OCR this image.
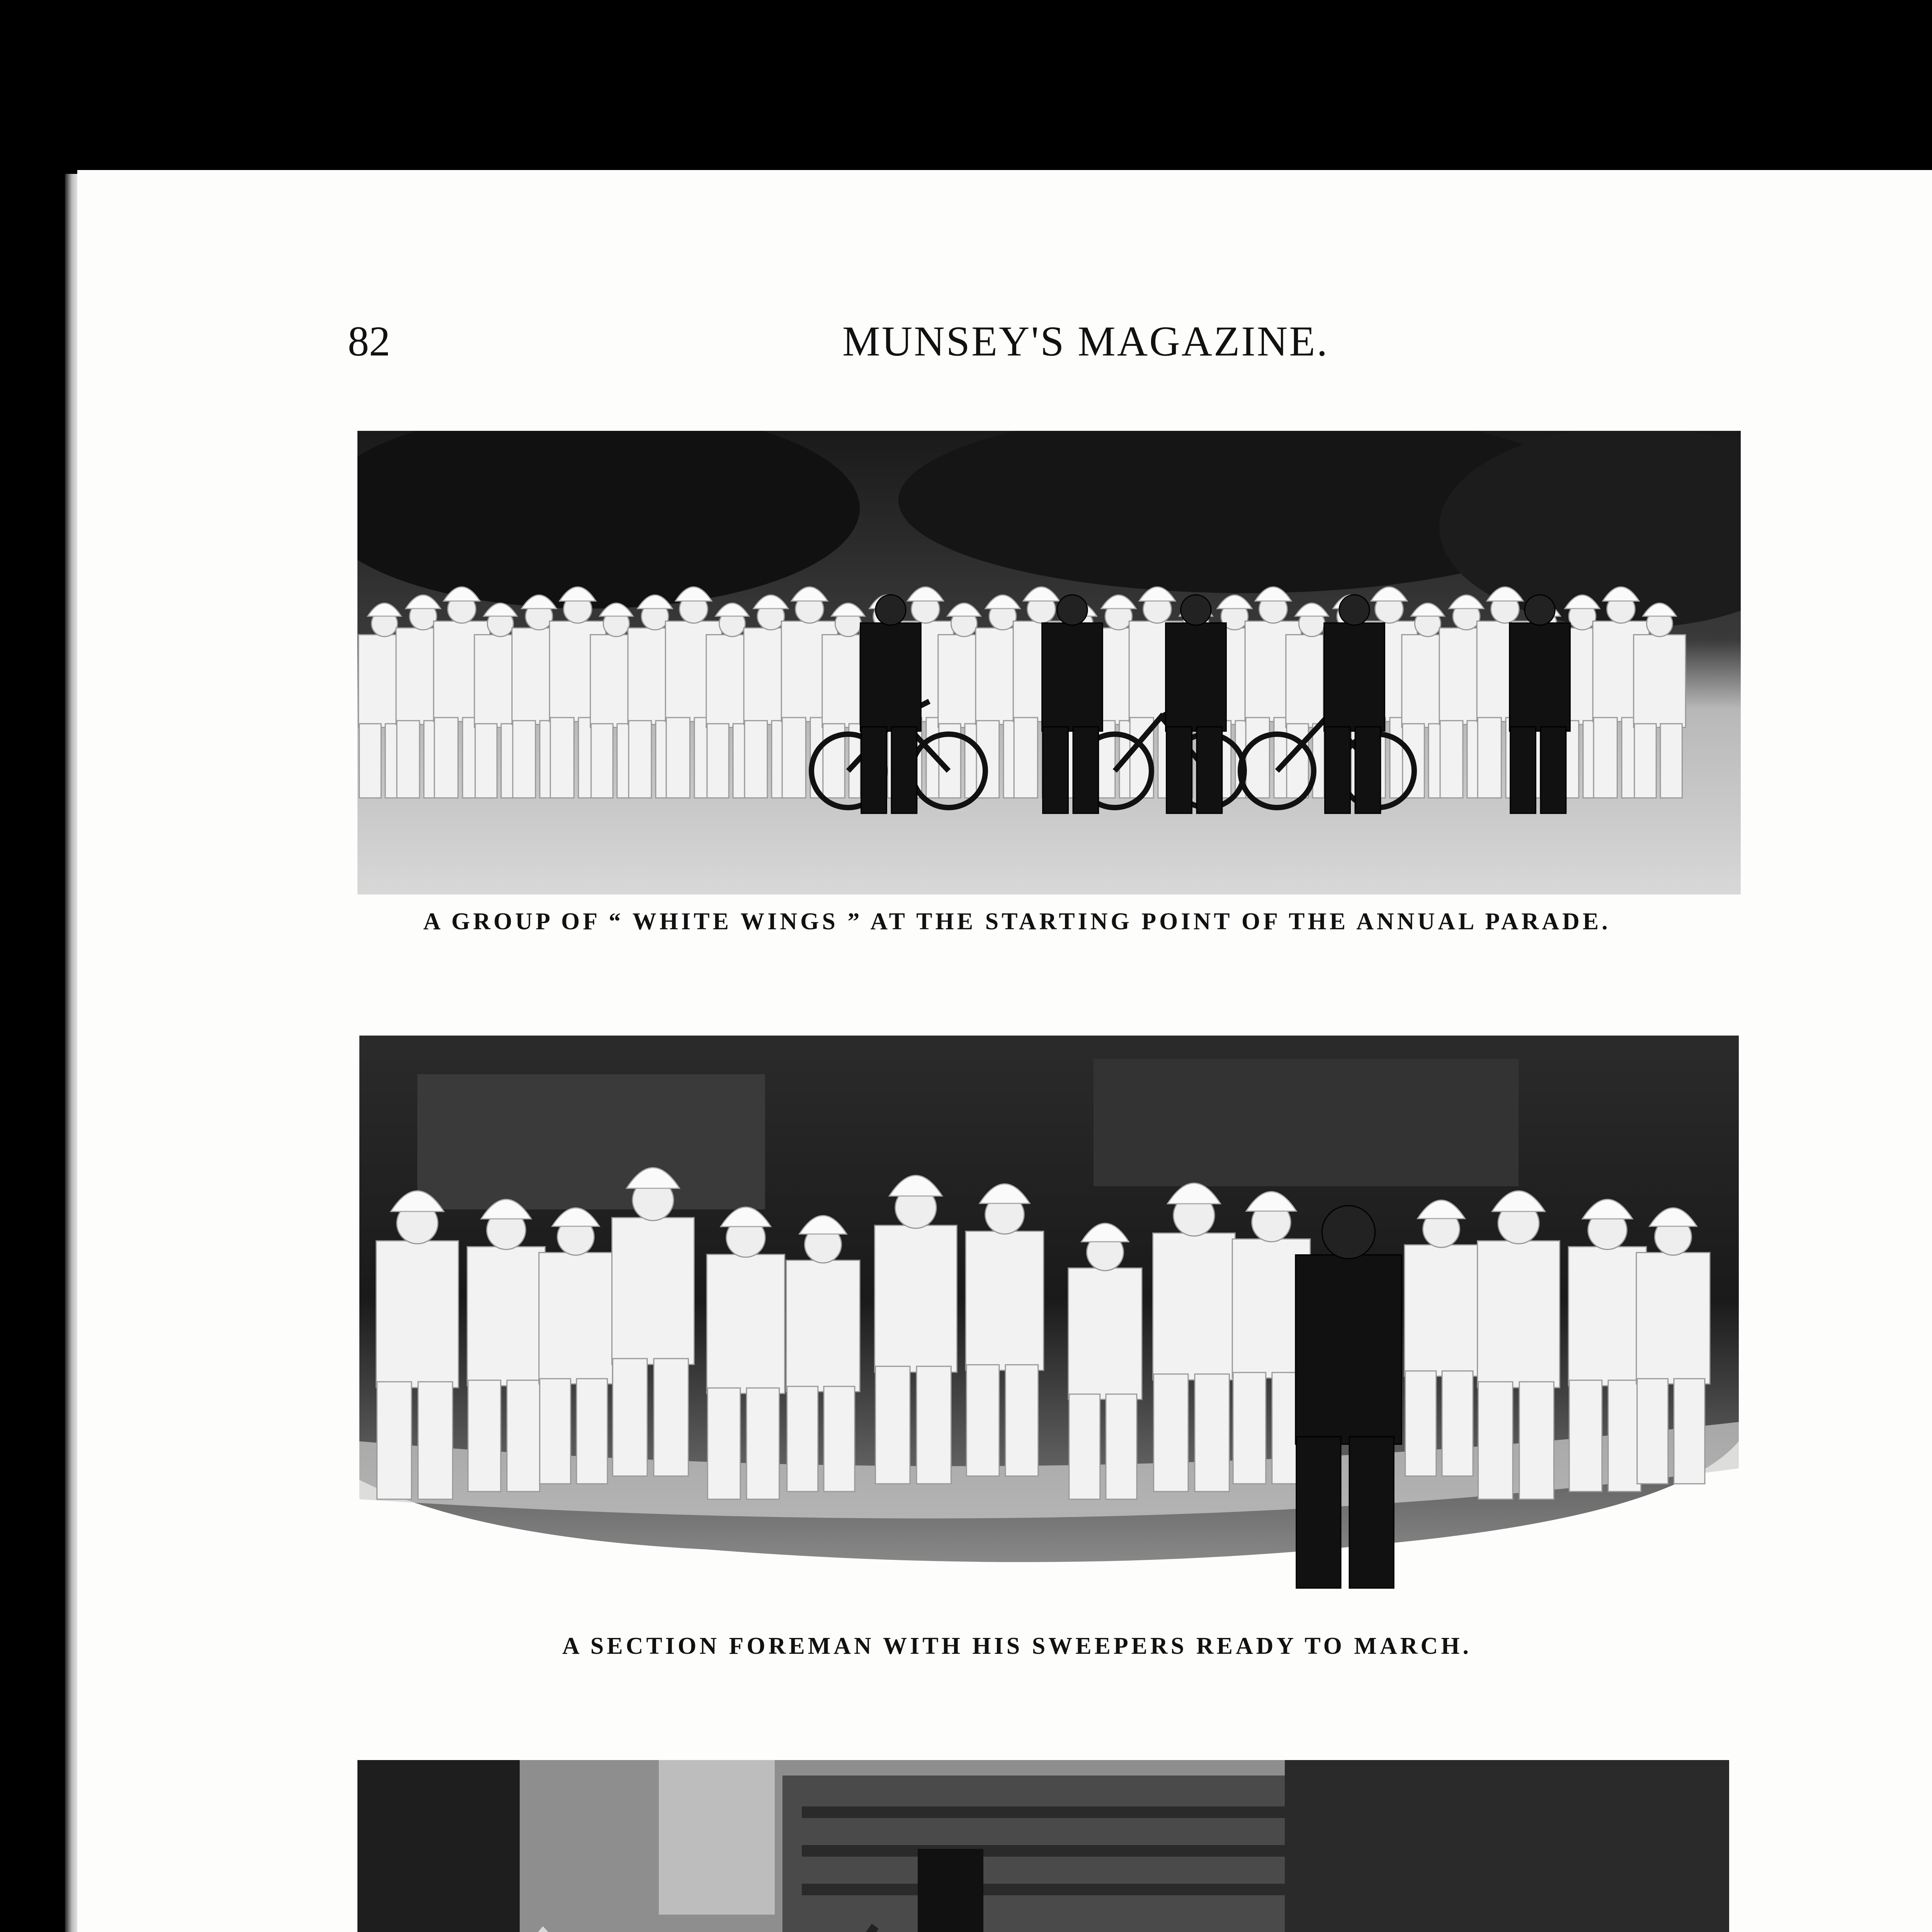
82	MUNSEY'S MAGAZINE.
A GROUP OF “ WHITE WINGS ” AT THE STARTING POINT OF THE ANNUAL PARADE.
A SECTION FOREMAN WITH HIS SWEEPERS READY TO MARCH.
